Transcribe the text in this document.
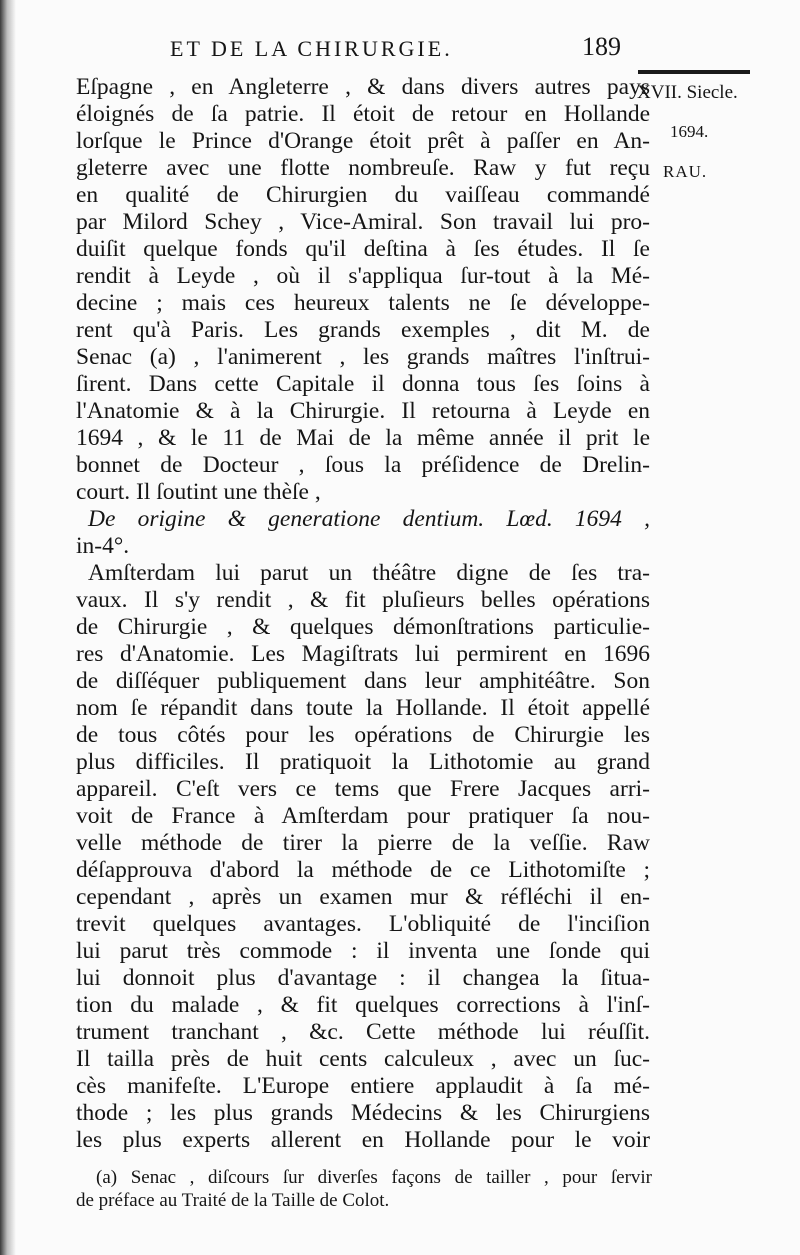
ET DE LA CHIRURGIE.	189
XVII. Siecle.
1694.
RAU.
Eſpagne , en Angleterre , & dans divers autres pays
éloignés de ſa patrie. Il étoit de retour en Hollande
lorſque le Prince d'Orange étoit prêt à paſſer en An-
gleterre avec une flotte nombreuſe. Raw y fut reçu
en qualité de Chirurgien du vaiſſeau commandé
par Milord Schey , Vice-Amiral. Son travail lui pro-
duiſit quelque fonds qu'il deſtina à ſes études. Il ſe
rendit à Leyde , où il s'appliqua ſur-tout à la Mé-
decine ; mais ces heureux talents ne ſe développe-
rent qu'à Paris. Les grands exemples , dit M. de
Senac (a) , l'animerent , les grands maîtres l'inſtrui-
ſirent. Dans cette Capitale il donna tous ſes ſoins à
l'Anatomie & à la Chirurgie. Il retourna à Leyde en
1694 , & le 11 de Mai de la même année il prit le
bonnet de Docteur , ſous la préſidence de Drelin-
court. Il ſoutint une thèſe ,
De origine & generatione dentium. Lœd. 1694 ,
in-4°.
Amſterdam lui parut un théâtre digne de ſes tra-
vaux. Il s'y rendit , & fit pluſieurs belles opérations
de Chirurgie , & quelques démonſtrations particulie-
res d'Anatomie. Les Magiſtrats lui permirent en 1696
de diſſéquer publiquement dans leur amphitéâtre. Son
nom ſe répandit dans toute la Hollande. Il étoit appellé
de tous côtés pour les opérations de Chirurgie les
plus difficiles. Il pratiquoit la Lithotomie au grand
appareil. C'eſt vers ce tems que Frere Jacques arri-
voit de France à Amſterdam pour pratiquer ſa nou-
velle méthode de tirer la pierre de la veſſie. Raw
déſapprouva d'abord la méthode de ce Lithotomiſte ;
cependant , après un examen mur & réfléchi il en-
trevit quelques avantages. L'obliquité de l'inciſion
lui parut très commode : il inventa une ſonde qui
lui donnoit plus d'avantage : il changea la ſitua-
tion du malade , & fit quelques corrections à l'inſ-
trument tranchant , &c. Cette méthode lui réuſſit.
Il tailla près de huit cents calculeux , avec un ſuc-
cès manifeſte. L'Europe entiere applaudit à ſa mé-
thode ; les plus grands Médecins & les Chirurgiens
les plus experts allerent en Hollande pour le voir
(a) Senac , diſcours ſur diverſes façons de tailler , pour ſervir
de préface au Traité de la Taille de Colot.
